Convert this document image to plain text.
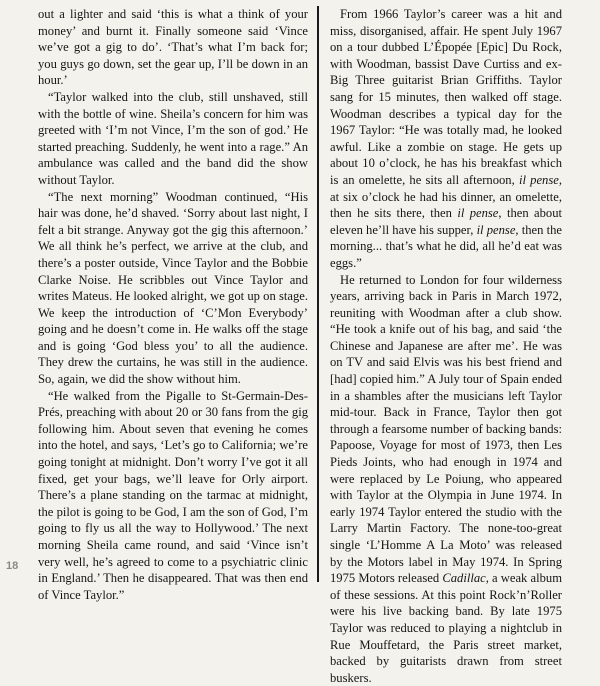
out a lighter and said ‘this is what a think of your money’ and burnt it. Finally someone said ‘Vince we’ve got a gig to do’. ‘That’s what I’m back for; you guys go down, set the gear up, I’ll be down in an hour.’

“Taylor walked into the club, still unshaved, still with the bottle of wine. Sheila’s concern for him was greeted with ‘I’m not Vince, I’m the son of god.’ He started preaching. Suddenly, he went into a rage.” An ambulance was called and the band did the show without Taylor.

“The next morning” Woodman continued, “His hair was done, he’d shaved. ‘Sorry about last night, I felt a bit strange. Anyway got the gig this afternoon.’ We all think he’s perfect, we arrive at the club, and there’s a poster outside, Vince Taylor and the Bobbie Clarke Noise. He scribbles out Vince Taylor and writes Mateus. He looked alright, we got up on stage. We keep the introduction of ‘C’Mon Everybody’ going and he doesn’t come in. He walks off the stage and is going ‘God bless you’ to all the audience. They drew the curtains, he was still in the audience. So, again, we did the show without him.

“He walked from the Pigalle to St-Germain-Des-Prés, preaching with about 20 or 30 fans from the gig following him. About seven that evening he comes into the hotel, and says, ‘Let’s go to California; we’re going tonight at midnight. Don’t worry I’ve got it all fixed, get your bags, we’ll leave for Orly airport. There’s a plane standing on the tarmac at midnight, the pilot is going to be God, I am the son of God, I’m going to fly us all the way to Hollywood.’ The next morning Sheila came round, and said ‘Vince isn’t very well, he’s agreed to come to a psychiatric clinic in England.’ Then he disappeared. That was then end of Vince Taylor.”

From 1966 Taylor’s career was a hit and miss, disorganised, affair. He spent July 1967 on a tour dubbed L’Épopée [Epic] Du Rock, with Woodman, bassist Dave Curtiss and ex-Big Three guitarist Brian Griffiths. Taylor sang for 15 minutes, then walked off stage. Woodman describes a typical day for the 1967 Taylor: “He was totally mad, he looked awful. Like a zombie on stage. He gets up about 10 o’clock, he has his breakfast which is an omelette, he sits all afternoon, il pense, at six o’clock he had his dinner, an omelette, then he sits there, then il pense, then about eleven he’ll have his supper, il pense, then the morning... that’s what he did, all he’d eat was eggs.”

He returned to London for four wilderness years, arriving back in Paris in March 1972, reuniting with Woodman after a club show. “He took a knife out of his bag, and said ‘the Chinese and Japanese are after me’. He was on TV and said Elvis was his best friend and [had] copied him.” A July tour of Spain ended in a shambles after the musicians left Taylor mid-tour. Back in France, Taylor then got through a fearsome number of backing bands: Papoose, Voyage for most of 1973, then Les Pieds Joints, who had enough in 1974 and were replaced by Le Poiung, who appeared with Taylor at the Olympia in June 1974. In early 1974 Taylor entered the studio with the Larry Martin Factory. The none-too-great single ‘L’Homme A La Moto’ was released by the Motors label in May 1974. In Spring 1975 Motors released Cadillac, a weak album of these sessions. At this point Rock’n’Roller were his live backing band. By late 1975 Taylor was reduced to playing a nightclub in Rue Mouffetard, the Paris street market, backed by guitarists drawn from street buskers.

18
